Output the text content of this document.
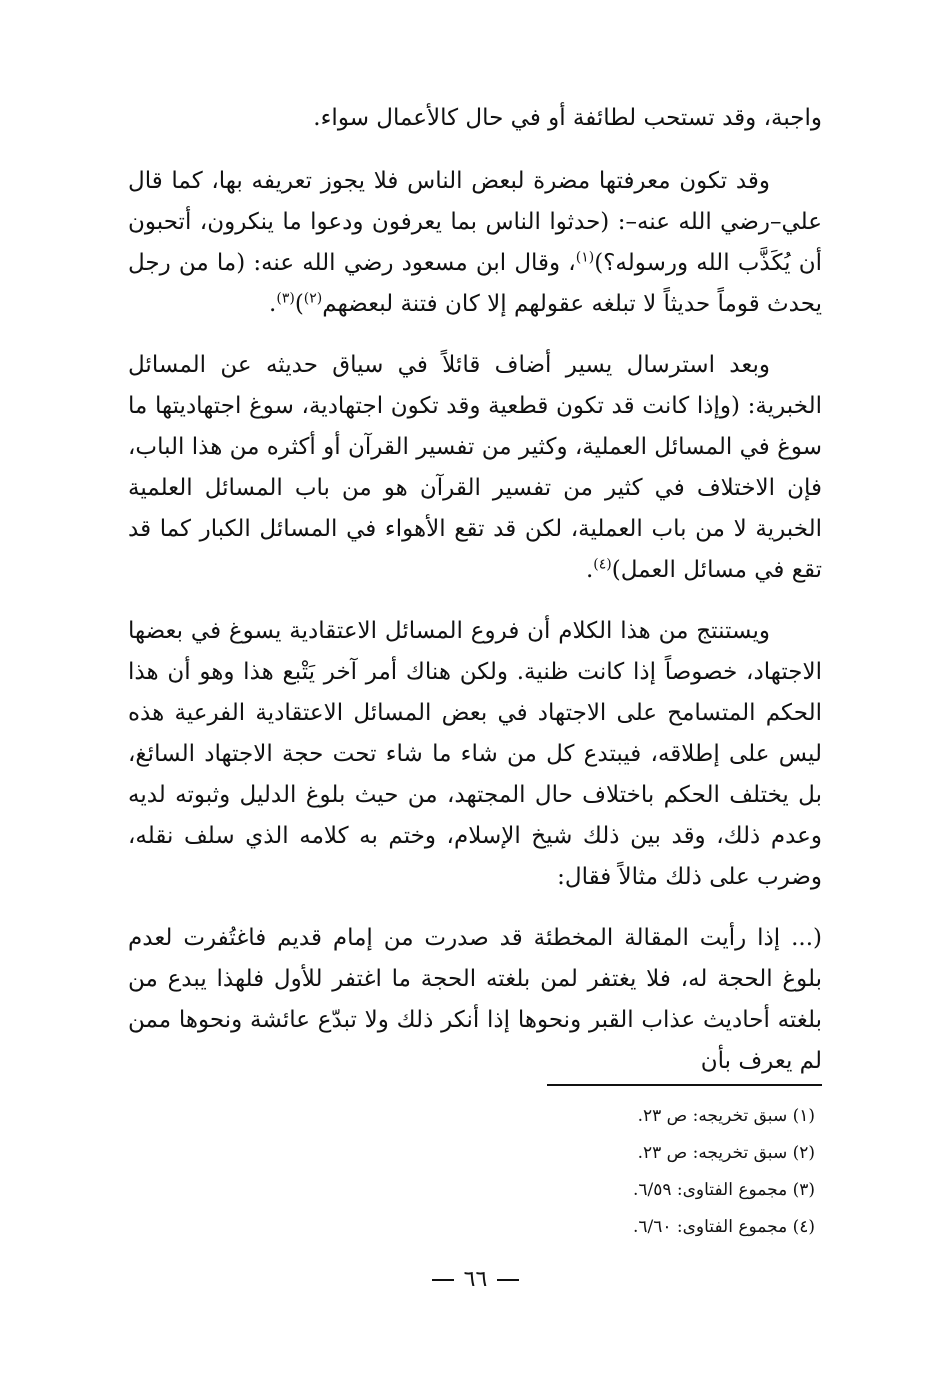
واجبة، وقد تستحب لطائفة أو في حال كالأعمال سواء.

وقد تكون معرفتها مضرة لبعض الناس فلا يجوز تعريفه بها، كما قال علي–رضي الله عنه–: (حدثوا الناس بما يعرفون ودعوا ما ينكرون، أتحبون أن يُكَذَّب الله ورسوله؟)$^{(١)}$، وقال ابن مسعود رضي الله عنه: (ما من رجل يحدث قوماً حديثاً لا تبلغه عقولهم إلا كان فتنة لبعضهم$^{(٢)}$)$^{(٣)}$.

وبعد استرسال يسير أضاف قائلاً في سياق حديثه عن المسائل الخبرية: (وإذا كانت قد تكون قطعية وقد تكون اجتهادية، سوغ اجتهاديتها ما سوغ في المسائل العملية، وكثير من تفسير القرآن أو أكثره من هذا الباب، فإن الاختلاف في كثير من تفسير القرآن هو من باب المسائل العلمية الخبرية لا من باب العملية، لكن قد تقع الأهواء في المسائل الكبار كما قد تقع في مسائل العمل)$^{(٤)}$.

ويستنتج من هذا الكلام أن فروع المسائل الاعتقادية يسوغ في بعضها الاجتهاد، خصوصاً إذا كانت ظنية. ولكن هناك أمر آخر يَتْبع هذا وهو أن هذا الحكم المتسامح على الاجتهاد في بعض المسائل الاعتقادية الفرعية هذه ليس على إطلاقه، فيبتدع كل من شاء ما شاء تحت حجة الاجتهاد السائغ، بل يختلف الحكم باختلاف حال المجتهد، من حيث بلوغ الدليل وثبوته لديه وعدم ذلك، وقد بين ذلك شيخ الإسلام، وختم به كلامه الذي سلف نقله، وضرب على ذلك مثالاً فقال:

(... إذا رأيت المقالة المخطئة قد صدرت من إمام قديم فاغتُفرت لعدم بلوغ الحجة له، فلا يغتفر لمن بلغته الحجة ما اغتفر للأول فلهذا يبدع من بلغته أحاديث عذاب القبر ونحوها إذا أنكر ذلك ولا تبدّع عائشة ونحوها ممن لم يعرف بأن

(١) سبق تخريجه: ص ٢٣.

(٢) سبق تخريجه: ص ٢٣.

(٣) مجموع الفتاوى: ٦/٥٩.

(٤) مجموع الفتاوى: ٦/٦٠.

٦٦
